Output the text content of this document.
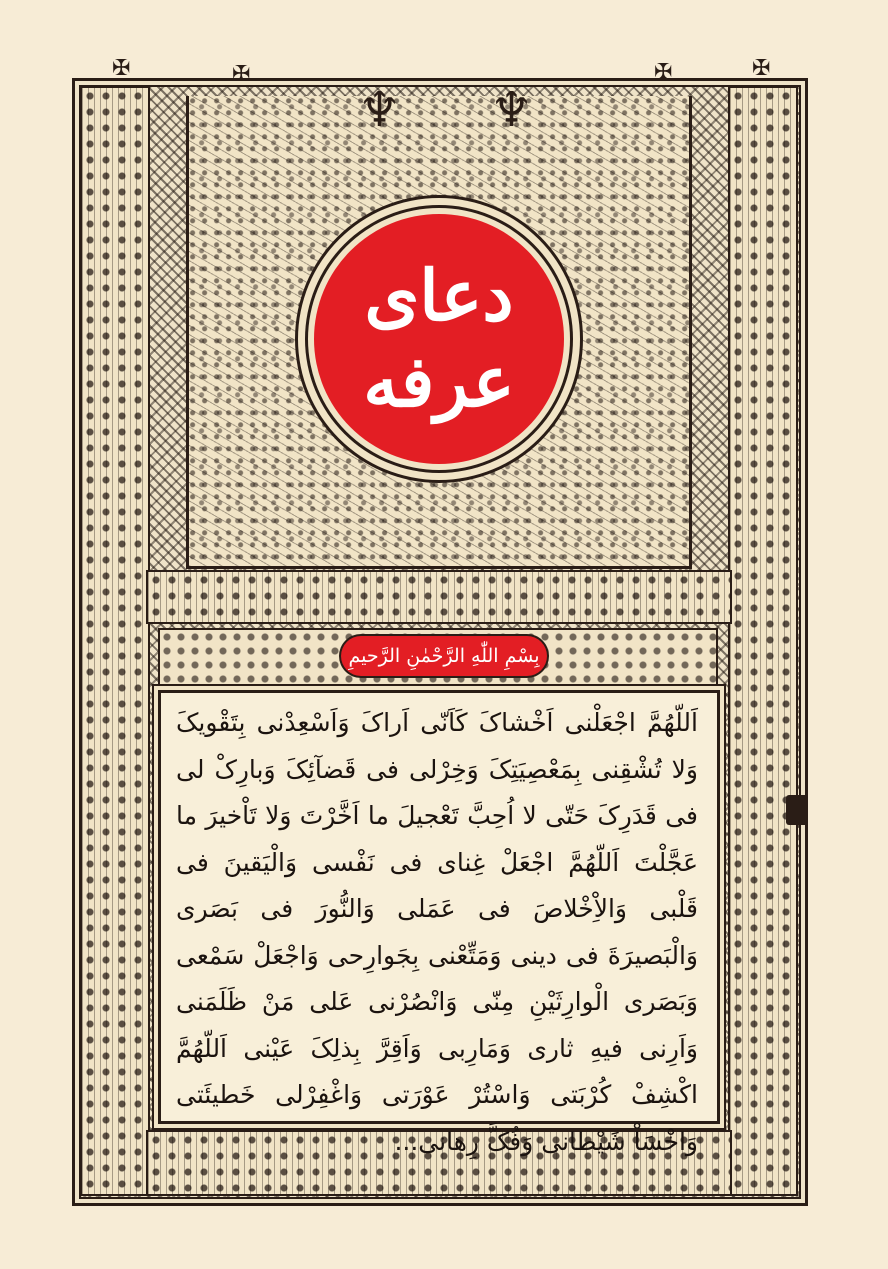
♆ ♆
✠	✠	✠	✠
دعای
عرفه
بِسْمِ اللّٰهِ الرَّحْمٰنِ الرَّحیمِ

اَللّهُمَّ اجْعَلْنی اَخْشاکَ کَاَنّی اَراکَ وَاَسْعِدْنی بِتَقْویکَ وَلا تُشْقِنی بِمَعْصِیَتِکَ وَخِرْلی فی قَضآئِکَ وَبارِکْ لی فی قَدَرِکَ حَتّی لا اُحِبَّ تَعْجیلَ ما اَخَّرْتَ وَلا تَاْخیرَ ما عَجَّلْتَ اَللّهُمَّ اجْعَلْ غِنای فی نَفْسی وَالْیَقینَ فی قَلْبی وَالاِْخْلاصَ فی عَمَلی وَالنُّورَ فی بَصَری وَالْبَصیرَةَ فی دینی وَمَتِّعْنی بِجَوارِحی وَاجْعَلْ سَمْعی وَبَصَری الْوارِثَیْنِ مِنّی وَانْصُرْنی عَلی مَنْ ظَلَمَنی وَاَرِنی فیهِ ثاری وَمَارِبی وَاَقِرَّ بِذلِکَ عَیْنی اَللّهُمَّ اکْشِفْ کُرْبَتی وَاسْتُرْ عَوْرَتی وَاغْفِرْلی خَطیئَتی وَاخْسَاْ شَیْطانی وَفُکَّ رِهانی...
